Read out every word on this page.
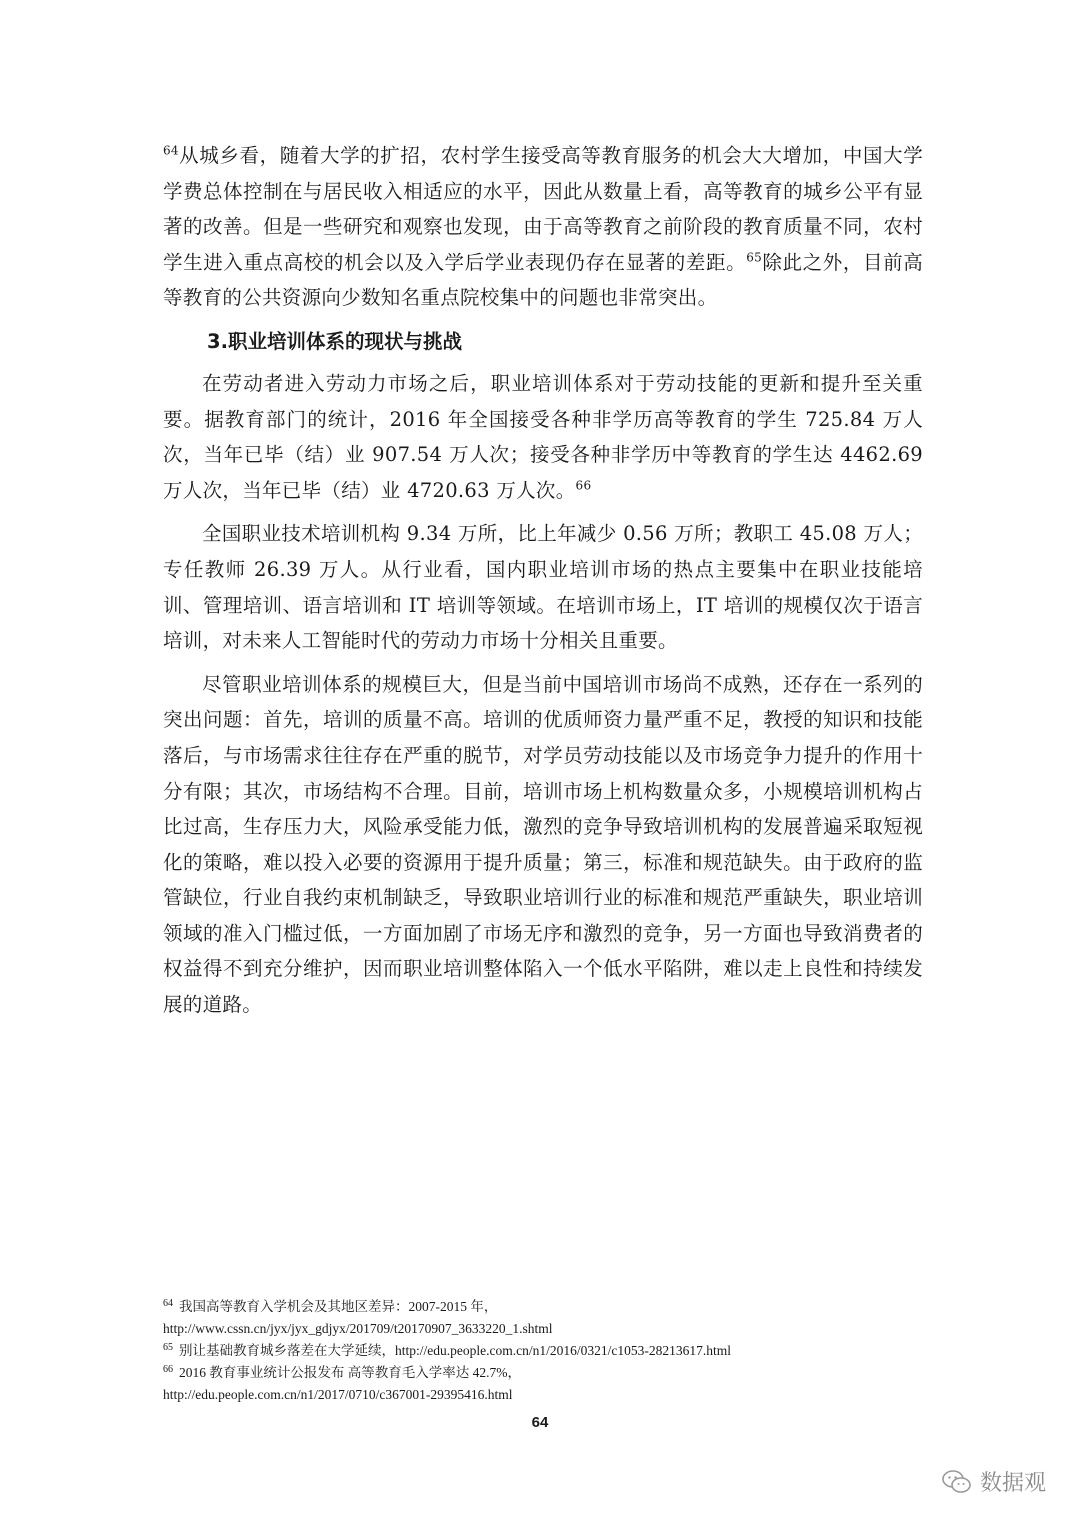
$^{64}$从城乡看，随着大学的扩招，农村学生接受高等教育服务的机会大大增加，中国大学学费总体控制在与居民收入相适应的水平，因此从数量上看，高等教育的城乡公平有显著的改善。但是一些研究和观察也发现，由于高等教育之前阶段的教育质量不同，农村学生进入重点高校的机会以及入学后学业表现仍存在显著的差距。$^{65}$除此之外，目前高等教育的公共资源向少数知名重点院校集中的问题也非常突出。

3.职业培训体系的现状与挑战

在劳动者进入劳动力市场之后，职业培训体系对于劳动技能的更新和提升至关重要。据教育部门的统计，2016 年全国接受各种非学历高等教育的学生 725.84 万人次，当年已毕（结）业 907.54 万人次；接受各种非学历中等教育的学生达 4462.69 万人次，当年已毕（结）业 4720.63 万人次。$^{66}$

全国职业技术培训机构 9.34 万所，比上年减少 0.56 万所；教职工 45.08 万人；专任教师 26.39 万人。从行业看，国内职业培训市场的热点主要集中在职业技能培训、管理培训、语言培训和 IT 培训等领域。在培训市场上，IT 培训的规模仅次于语言培训，对未来人工智能时代的劳动力市场十分相关且重要。

尽管职业培训体系的规模巨大，但是当前中国培训市场尚不成熟，还存在一系列的突出问题：首先，培训的质量不高。培训的优质师资力量严重不足，教授的知识和技能落后，与市场需求往往存在严重的脱节，对学员劳动技能以及市场竞争力提升的作用十分有限；其次，市场结构不合理。目前，培训市场上机构数量众多，小规模培训机构占比过高，生存压力大，风险承受能力低，激烈的竞争导致培训机构的发展普遍采取短视化的策略，难以投入必要的资源用于提升质量；第三，标准和规范缺失。由于政府的监管缺位，行业自我约束机制缺乏，导致职业培训行业的标准和规范严重缺失，职业培训领域的准入门槛过低，一方面加剧了市场无序和激烈的竞争，另一方面也导致消费者的权益得不到充分维护，因而职业培训整体陷入一个低水平陷阱，难以走上良性和持续发展的道路。

$^{64}$ 我国高等教育入学机会及其地区差异：2007-2015 年，
http://www.cssn.cn/jyx/jyx_gdjyx/201709/t20170907_3633220_1.shtml
$^{65}$ 别让基础教育城乡落差在大学延续，http://edu.people.com.cn/n1/2016/0321/c1053-28213617.html
$^{66}$ 2016 教育事业统计公报发布 高等教育毛入学率达 42.7%，
http://edu.people.com.cn/n1/2017/0710/c367001-29395416.html
64
数据观
